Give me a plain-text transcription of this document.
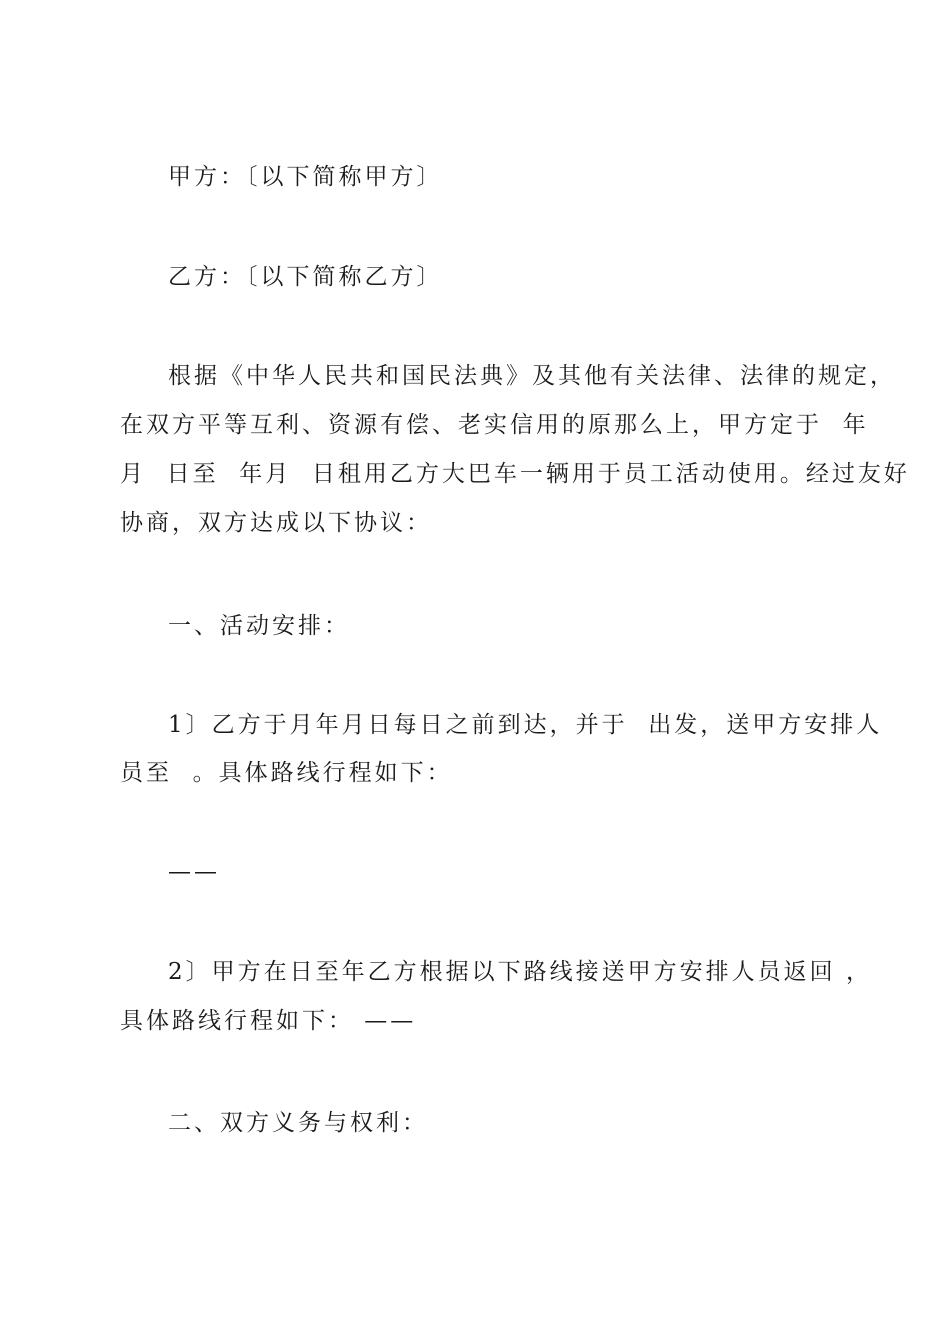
甲方：〔以下简称甲方〕

乙方：〔以下简称乙方〕

根据《中华人民共和国民法典》及其他有关法律、法律的规定，

在双方平等互利、资源有偿、老实信用的原那么上，甲方定于  年

月  日至  年月  日租用乙方大巴车一辆用于员工活动使用。经过友好

协商，双方达成以下协议：

一、活动安排：

1〕乙方于月年月日每日之前到达，并于  出发，送甲方安排人

员至  。具体路线行程如下：

——

2〕甲方在日至年乙方根据以下路线接送甲方安排人员返回 ，

具体路线行程如下： ——

二、双方义务与权利：
